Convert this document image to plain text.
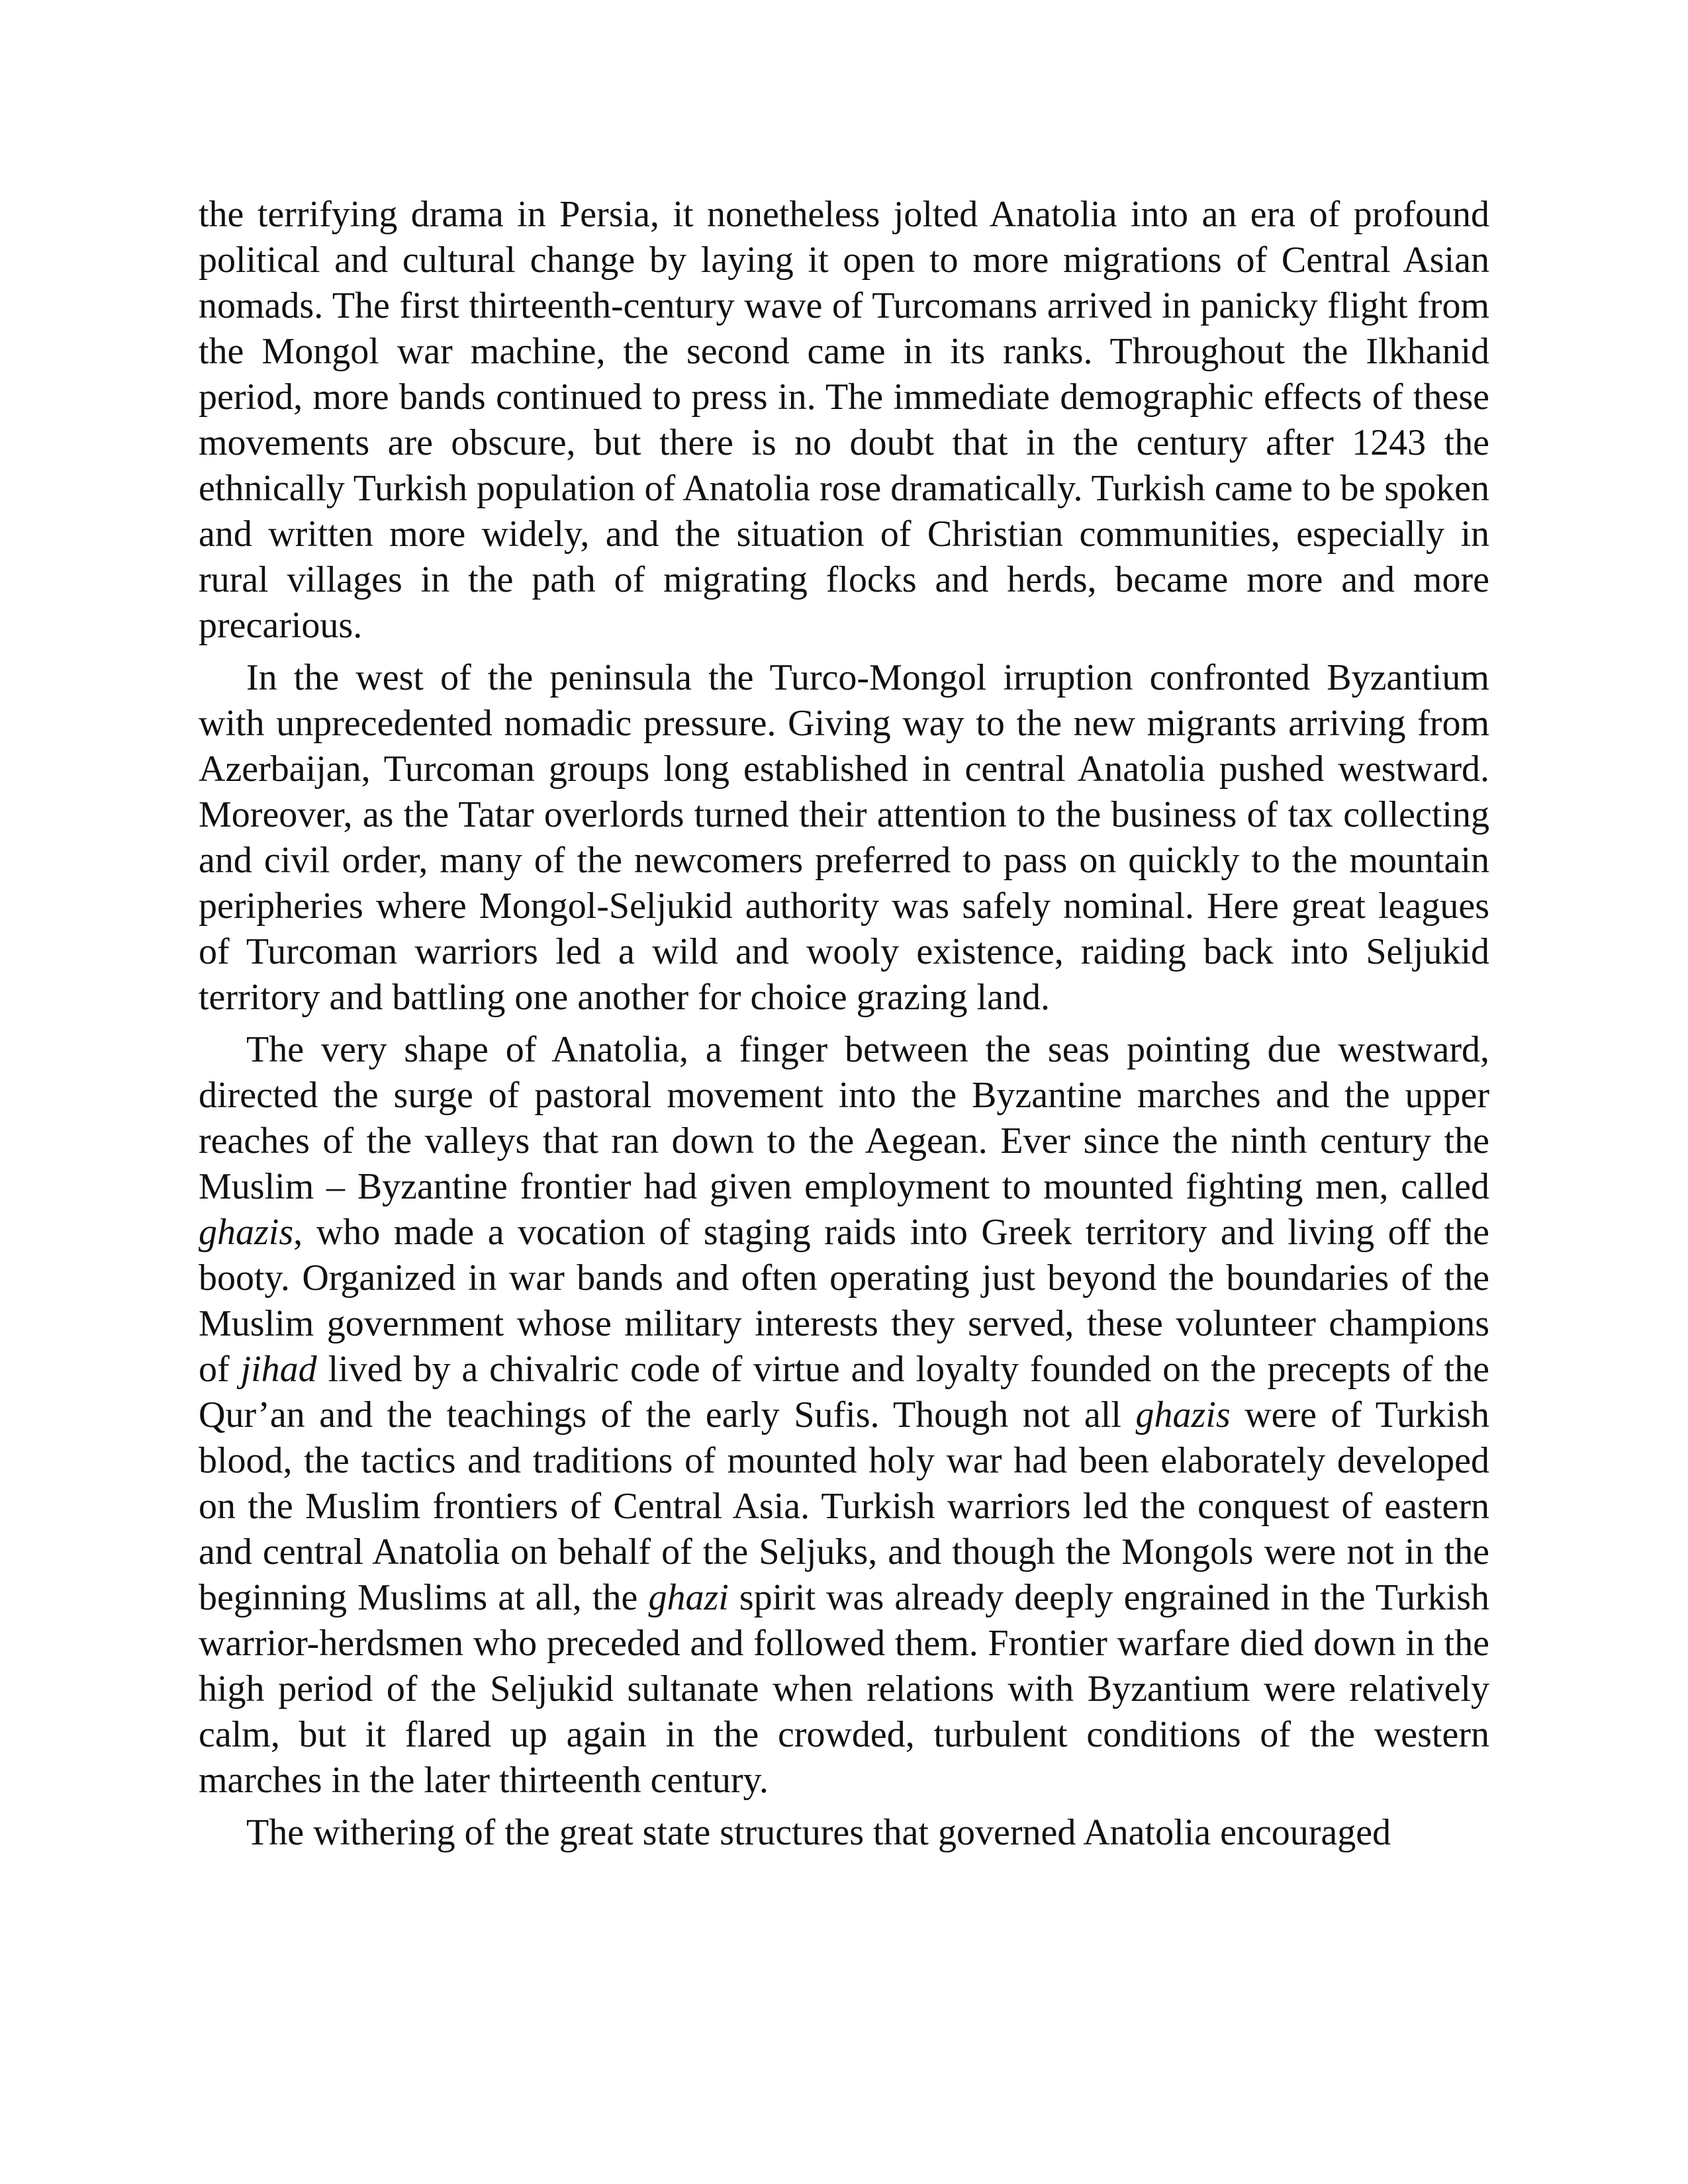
the terrifying drama in Persia, it nonetheless jolted Anatolia into an era of profound political and cultural change by laying it open to more migrations of Central Asian nomads. The first thirteenth-century wave of Turcomans arrived in panicky flight from the Mongol war machine, the second came in its ranks. Throughout the Ilkhanid period, more bands continued to press in. The immediate demographic effects of these movements are obscure, but there is no doubt that in the century after 1243 the ethnically Turkish population of Anatolia rose dramatically. Turkish came to be spoken and written more widely, and the situation of Christian communities, especially in rural villages in the path of migrating flocks and herds, became more and more precarious.

In the west of the peninsula the Turco-Mongol irruption confronted Byzantium with unprecedented nomadic pressure. Giving way to the new migrants arriving from Azerbaijan, Turcoman groups long established in central Anatolia pushed westward. Moreover, as the Tatar overlords turned their attention to the business of tax collecting and civil order, many of the newcomers preferred to pass on quickly to the mountain peripheries where Mongol-Seljukid authority was safely nominal. Here great leagues of Turcoman warriors led a wild and wooly existence, raiding back into Seljukid territory and battling one another for choice grazing land.

The very shape of Anatolia, a finger between the seas pointing due westward, directed the surge of pastoral movement into the Byzantine marches and the upper reaches of the valleys that ran down to the Aegean. Ever since the ninth century the Muslim – Byzantine frontier had given employment to mounted fighting men, called ghazis, who made a vocation of staging raids into Greek territory and living off the booty. Organized in war bands and often operating just beyond the boundaries of the Muslim government whose military interests they served, these volunteer champions of jihad lived by a chivalric code of virtue and loyalty founded on the precepts of the Qur’an and the teachings of the early Sufis. Though not all ghazis were of Turkish blood, the tactics and traditions of mounted holy war had been elaborately developed on the Muslim frontiers of Central Asia. Turkish warriors led the conquest of eastern and central Anatolia on behalf of the Seljuks, and though the Mongols were not in the beginning Muslims at all, the ghazi spirit was already deeply engrained in the Turkish warrior-herdsmen who preceded and followed them. Frontier warfare died down in the high period of the Seljukid sultanate when relations with Byzantium were relatively calm, but it flared up again in the crowded, turbulent conditions of the western marches in the later thirteenth century.

The withering of the great state structures that governed Anatolia encouraged
